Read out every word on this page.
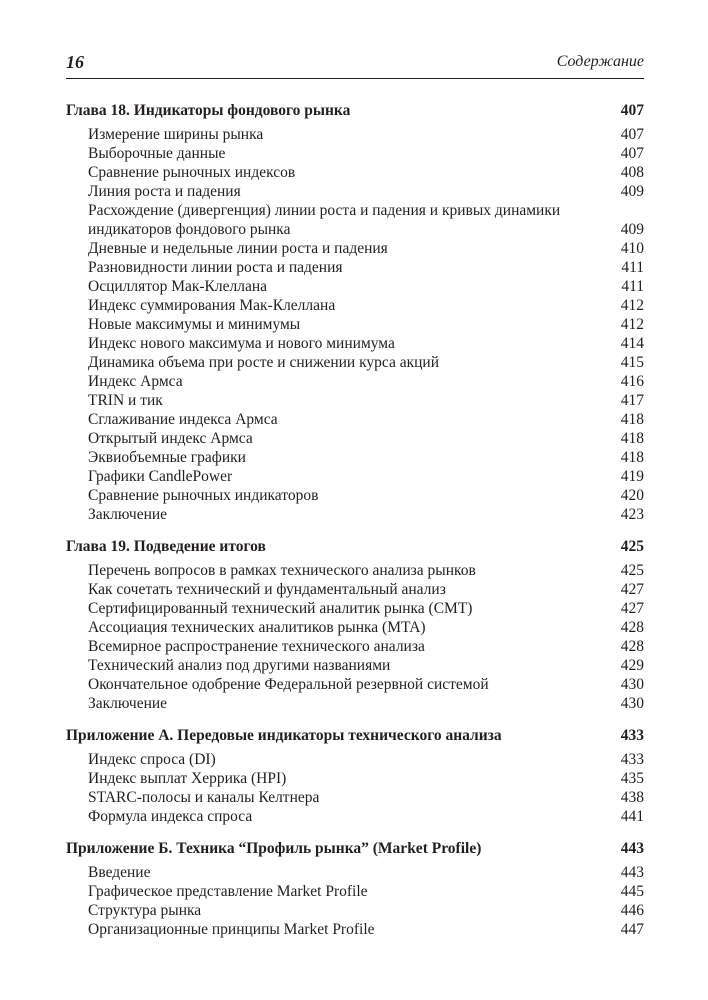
16	Содержание
Глава 18. Индикаторы фондового рынка	407
Измерение ширины рынка	407
Выборочные данные	407
Сравнение рыночных индексов	408
Линия роста и падения	409
Расхождение (дивергенция) линии роста и падения и кривых динамики индикаторов фондового рынка	409
Дневные и недельные линии роста и падения	410
Разновидности линии роста и падения	411
Осциллятор Мак-Клеллана	411
Индекс суммирования Мак-Клеллана	412
Новые максимумы и минимумы	412
Индекс нового максимума и нового минимума	414
Динамика объема при росте и снижении курса акций	415
Индекс Армса	416
TRIN и тик	417
Сглаживание индекса Армса	418
Открытый индекс Армса	418
Эквиобъемные графики	418
Графики CandlePower	419
Сравнение рыночных индикаторов	420
Заключение	423
Глава 19. Подведение итогов	425
Перечень вопросов в рамках технического анализа рынков	425
Как сочетать технический и фундаментальный анализ	427
Сертифицированный технический аналитик рынка (CMT)	427
Ассоциация технических аналитиков рынка (MTA)	428
Всемирное распространение технического анализа	428
Технический анализ под другими названиями	429
Окончательное одобрение Федеральной резервной системой	430
Заключение	430
Приложение А. Передовые индикаторы технического анализа	433
Индекс спроса (DI)	433
Индекс выплат Херрика (HPI)	435
STARC-полосы и каналы Келтнера	438
Формула индекса спроса	441
Приложение Б. Техника “Профиль рынка” (Market Profile)	443
Введение	443
Графическое представление Market Profile	445
Структура рынка	446
Организационные принципы Market Profile	447
